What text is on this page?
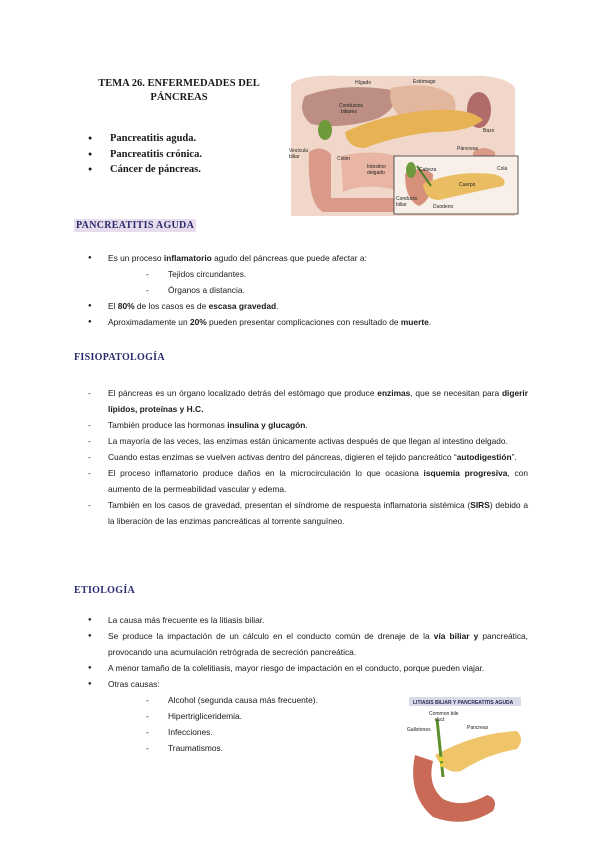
TEMA 26. ENFERMEDADES DEL
PÁNCREAS
● Pancreatitis aguda.
● Pancreatitis crónica.
● Cáncer de páncreas.
Hígado	Estómago
Conductos
biliares
Bazo
Vesícula
biliar	Colon
Páncreas
Intestino
delgado	Cabeza
Cuerpo
Cola
Conducto
biliar	Duodeno
PANCREATITIS AGUDA
● Es un proceso inflamatorio agudo del páncreas que puede afectar a:
- Tejidos circundantes.
- Órganos a distancia.
● El 80% de los casos es de escasa gravedad.
● Aproximadamente un 20% pueden presentar complicaciones con resultado de muerte.
FISIOPATOLOGÍA
- El páncreas es un órgano localizado detrás del estómago que produce enzimas, que se necesitan para digerir lípidos, proteínas y H.C.
- También produce las hormonas insulina y glucagón.
- La mayoría de las veces, las enzimas están únicamente activas después de que llegan al intestino delgado.
- Cuando estas enzimas se vuelven activas dentro del páncreas, digieren el tejido pancreático “autodigestión”.
- El proceso inflamatorio produce daños en la microcirculación lo que ocasiona isquemia progresiva, con aumento de la permeabilidad vascular y edema.
- También en los casos de gravedad, presentan el síndrome de respuesta inflamatoria sistémica (SIRS) debido a la liberación de las enzimas pancreáticas al torrente sanguíneo.
ETIOLOGÍA
● La causa más frecuente es la litiasis biliar.
● Se produce la impactación de un cálculo en el conducto común de drenaje de la vía biliar y pancreática, provocando una acumulación retrógrada de secreción pancreática.
● A menor tamaño de la colelitiasis, mayor riesgo de impactación en el conducto, porque pueden viajar.
● Otras causas:
- Alcohol (segunda causa más frecuente).
- Hipertrigliceridemia.
- Infecciones.
- Traumatismos.
LITIASIS BILIAR Y PANCREATITIS AGUDA
Common bile
duct
Gallstones	Pancreas
